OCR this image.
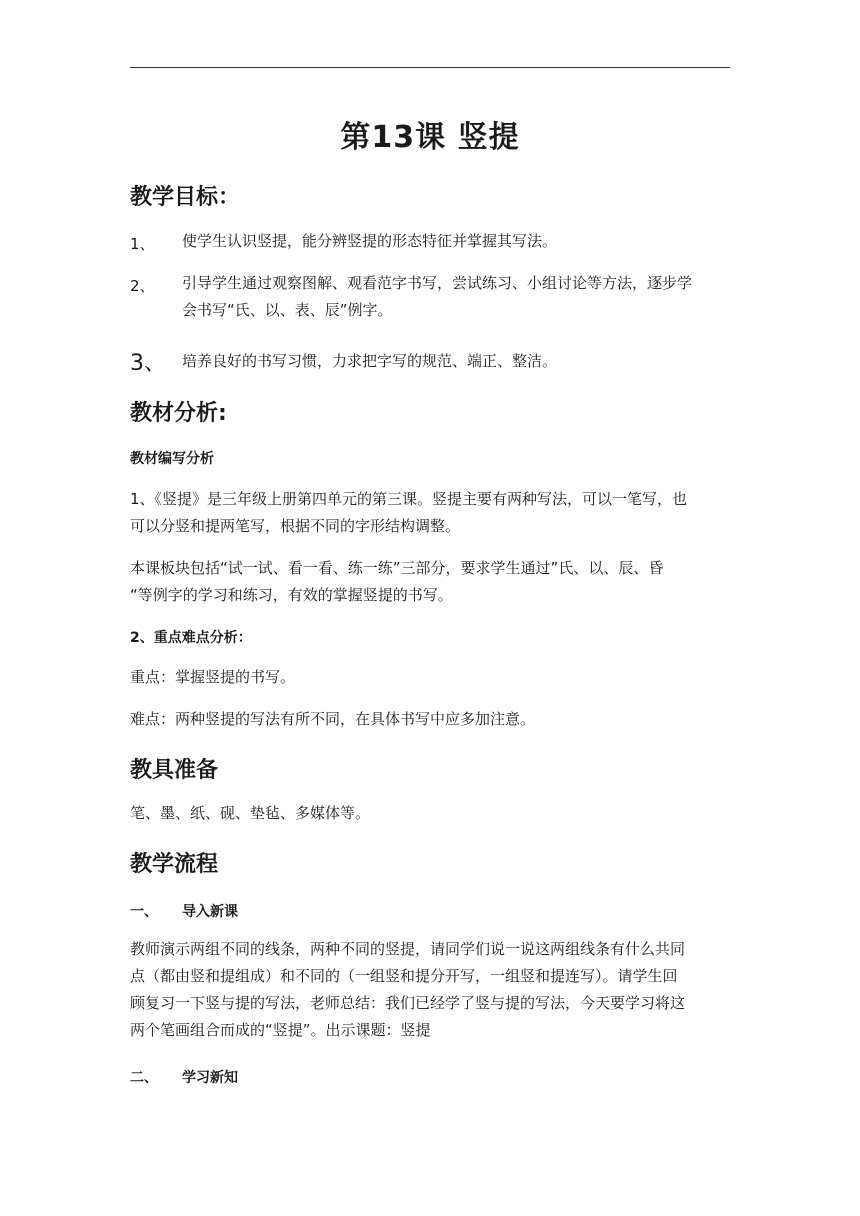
第13课 竖提
教学目标：
1、 使学生认识竖提，能分辨竖提的形态特征并掌握其写法。
2、 引导学生通过观察图解、观看范字书写，尝试练习、小组讨论等方法，逐步学
会书写“氏、以、表、辰”例字。
3、 培养良好的书写习惯，力求把字写的规范、端正、整洁。
教材分析:
教材编写分析
1、《竖提》是三年级上册第四单元的第三课。竖提主要有两种写法，可以一笔写，也
可以分竖和提两笔写，根据不同的字形结构调整。
本课板块包括“试一试、看一看、练一练”三部分，要求学生通过”氏、以、辰、昏
“等例字的学习和练习，有效的掌握竖提的书写。
2、重点难点分析：
重点：掌握竖提的书写。
难点：两种竖提的写法有所不同，在具体书写中应多加注意。
教具准备
笔、墨、纸、砚、垫毡、多媒体等。
教学流程
一、 导入新课
教师演示两组不同的线条，两种不同的竖提，请同学们说一说这两组线条有什么共同
点（都由竖和提组成）和不同的（一组竖和提分开写，一组竖和提连写）。请学生回
顾复习一下竖与提的写法，老师总结：我们已经学了竖与提的写法，今天要学习将这
两个笔画组合而成的“竖提”。出示课题：竖提
二、 学习新知
